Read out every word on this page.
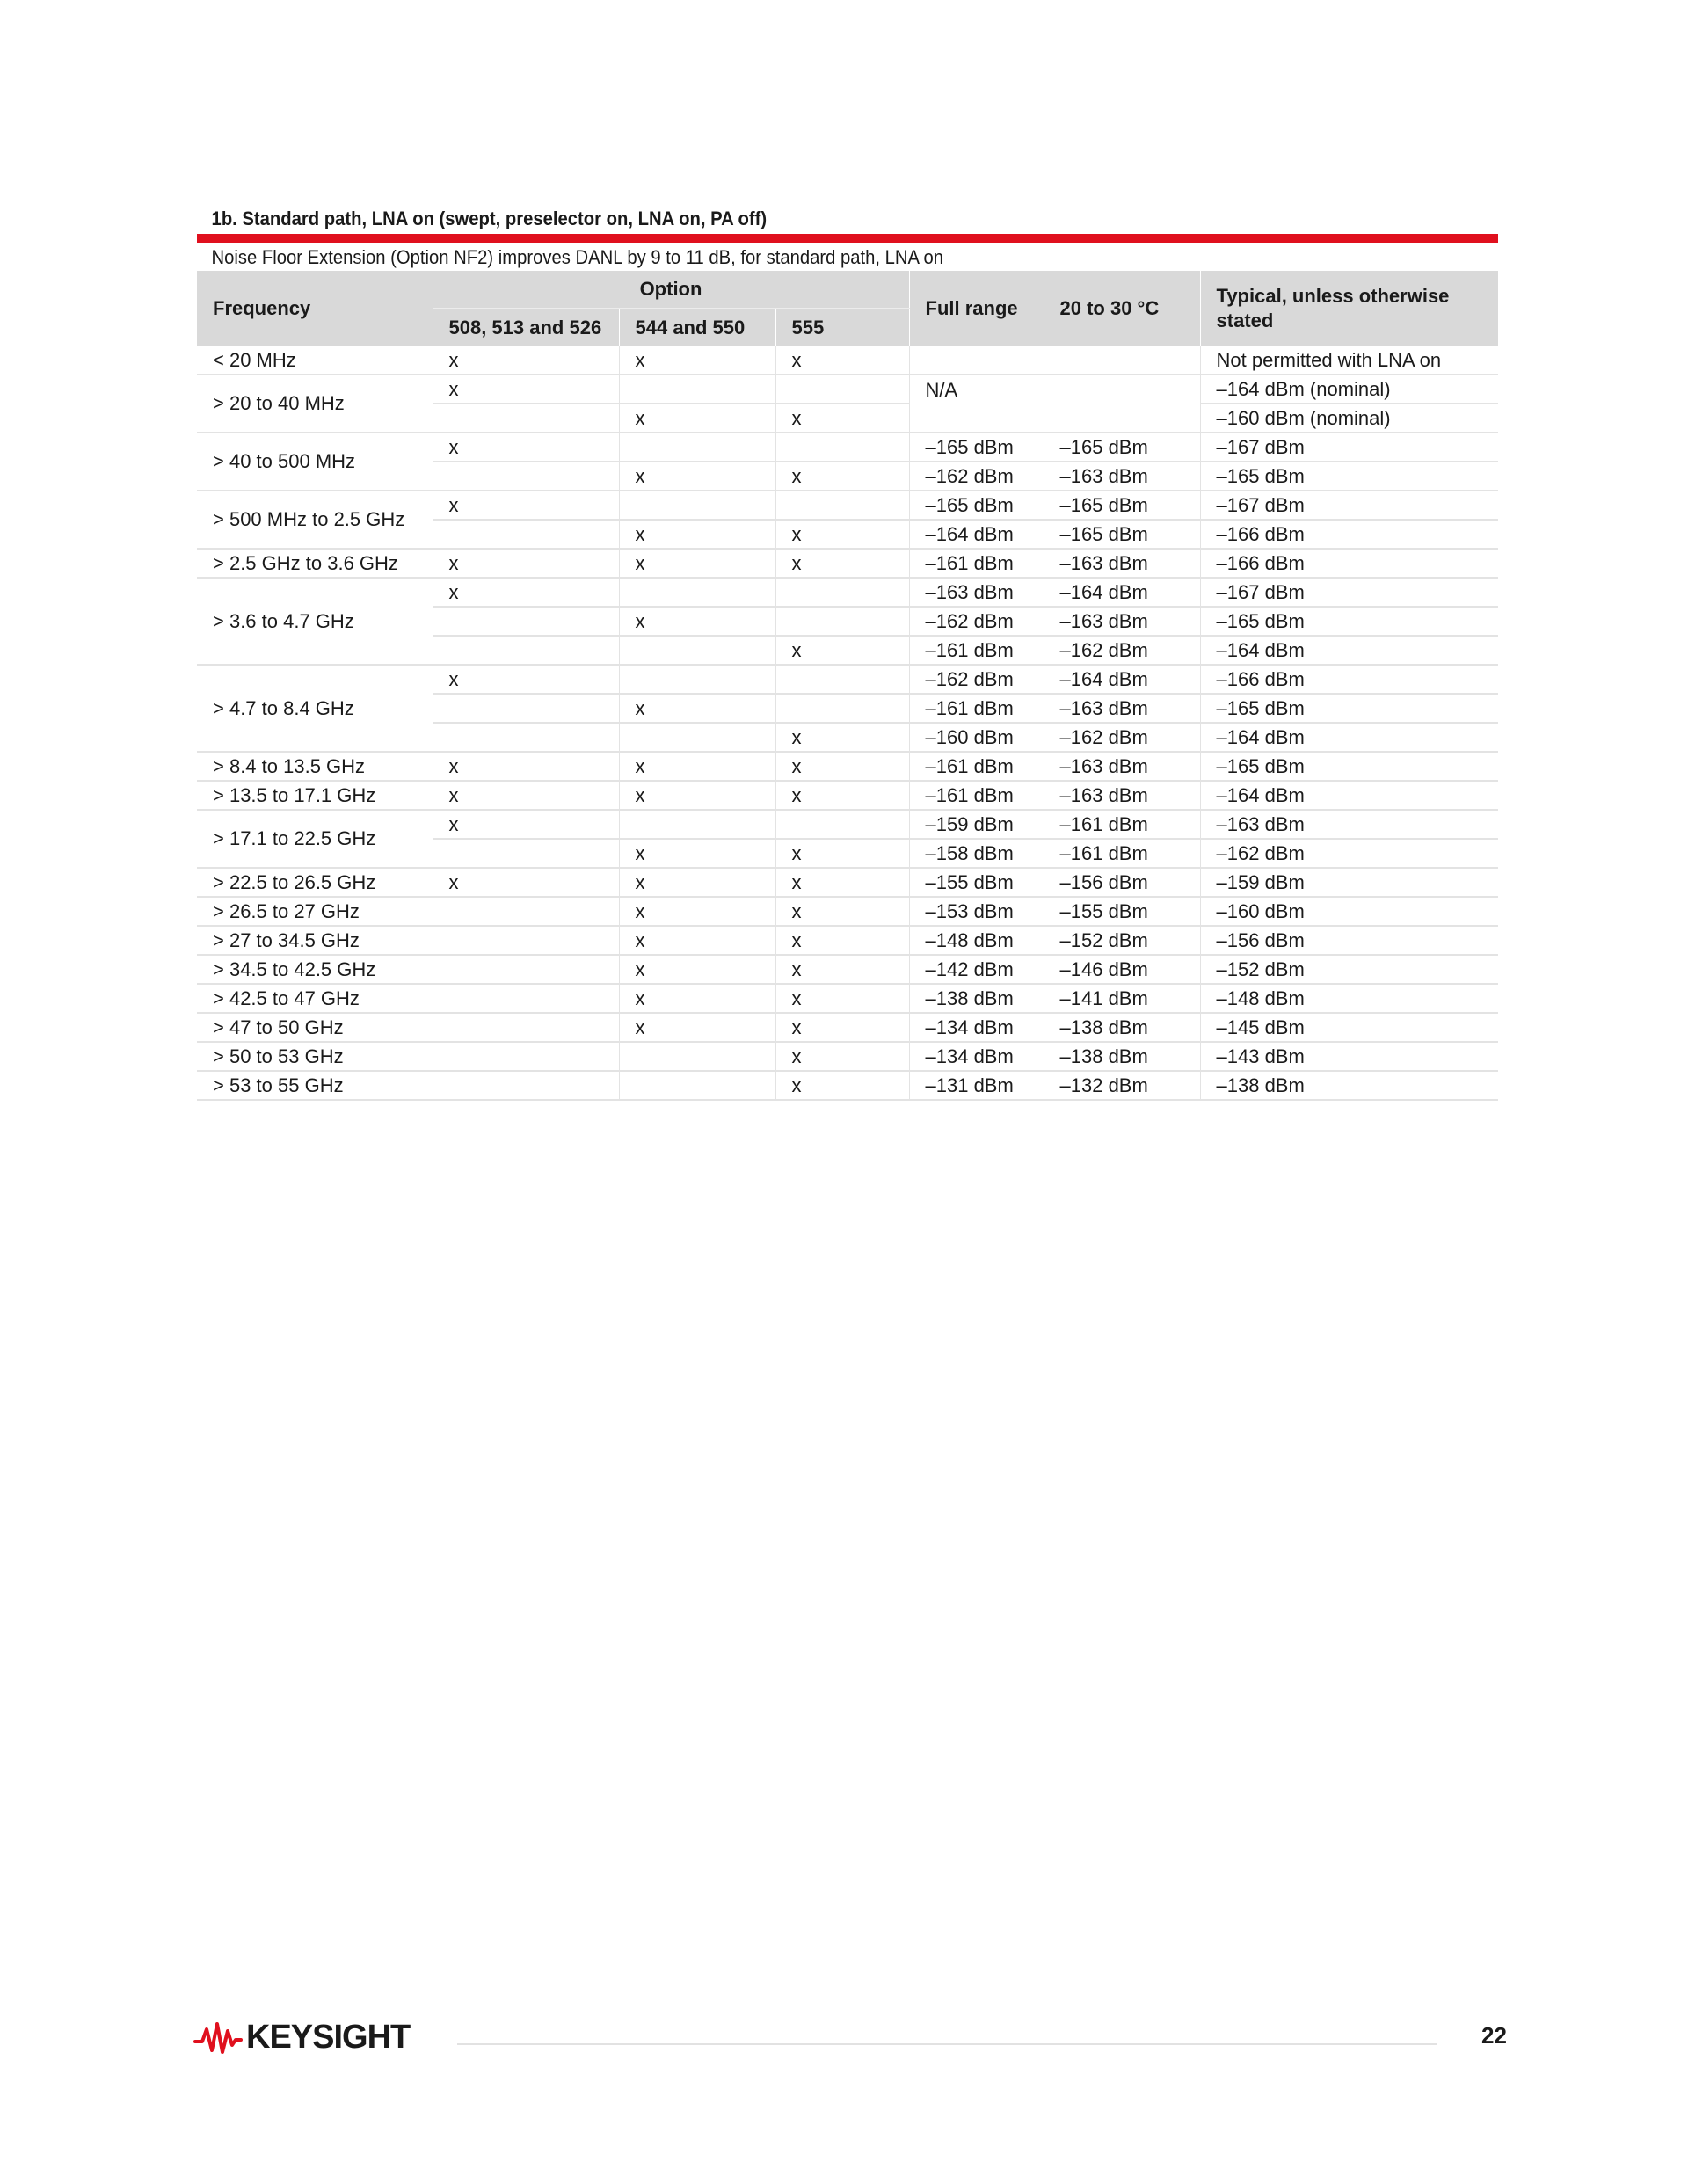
1b. Standard path, LNA on (swept, preselector on, LNA on, PA off)
Noise Floor Extension (Option NF2) improves DANL by 9 to 11 dB, for standard path, LNA on
Frequency	Option			Full range	20 to 30 °C	Typical, unless otherwise stated
	508, 513 and 526	544 and 550	555			
< 20 MHz	x	x	x			Not permitted with LNA on
> 20 to 40 MHz	x			N/A		–164 dBm (nominal)
		x	x			–160 dBm (nominal)
> 40 to 500 MHz	x			–165 dBm	–165 dBm	–167 dBm
		x	x	–162 dBm	–163 dBm	–165 dBm
> 500 MHz to 2.5 GHz	x			–165 dBm	–165 dBm	–167 dBm
		x	x	–164 dBm	–165 dBm	–166 dBm
> 2.5 GHz to 3.6 GHz	x	x	x	–161 dBm	–163 dBm	–166 dBm
> 3.6 to 4.7 GHz	x			–163 dBm	–164 dBm	–167 dBm
		x		–162 dBm	–163 dBm	–165 dBm
			x	–161 dBm	–162 dBm	–164 dBm
> 4.7 to 8.4 GHz	x			–162 dBm	–164 dBm	–166 dBm
		x		–161 dBm	–163 dBm	–165 dBm
			x	–160 dBm	–162 dBm	–164 dBm
> 8.4 to 13.5 GHz	x	x	x	–161 dBm	–163 dBm	–165 dBm
> 13.5 to 17.1 GHz	x	x	x	–161 dBm	–163 dBm	–164 dBm
> 17.1 to 22.5 GHz	x			–159 dBm	–161 dBm	–163 dBm
		x	x	–158 dBm	–161 dBm	–162 dBm
> 22.5 to 26.5 GHz	x	x	x	–155 dBm	–156 dBm	–159 dBm
> 26.5 to 27 GHz		x	x	–153 dBm	–155 dBm	–160 dBm
> 27 to 34.5 GHz		x	x	–148 dBm	–152 dBm	–156 dBm
> 34.5 to 42.5 GHz		x	x	–142 dBm	–146 dBm	–152 dBm
> 42.5 to 47 GHz		x	x	–138 dBm	–141 dBm	–148 dBm
> 47 to 50 GHz		x	x	–134 dBm	–138 dBm	–145 dBm
> 50 to 53 GHz			x	–134 dBm	–138 dBm	–143 dBm
> 53 to 55 GHz			x	–131 dBm	–132 dBm	–138 dBm
KEYSIGHT	22
